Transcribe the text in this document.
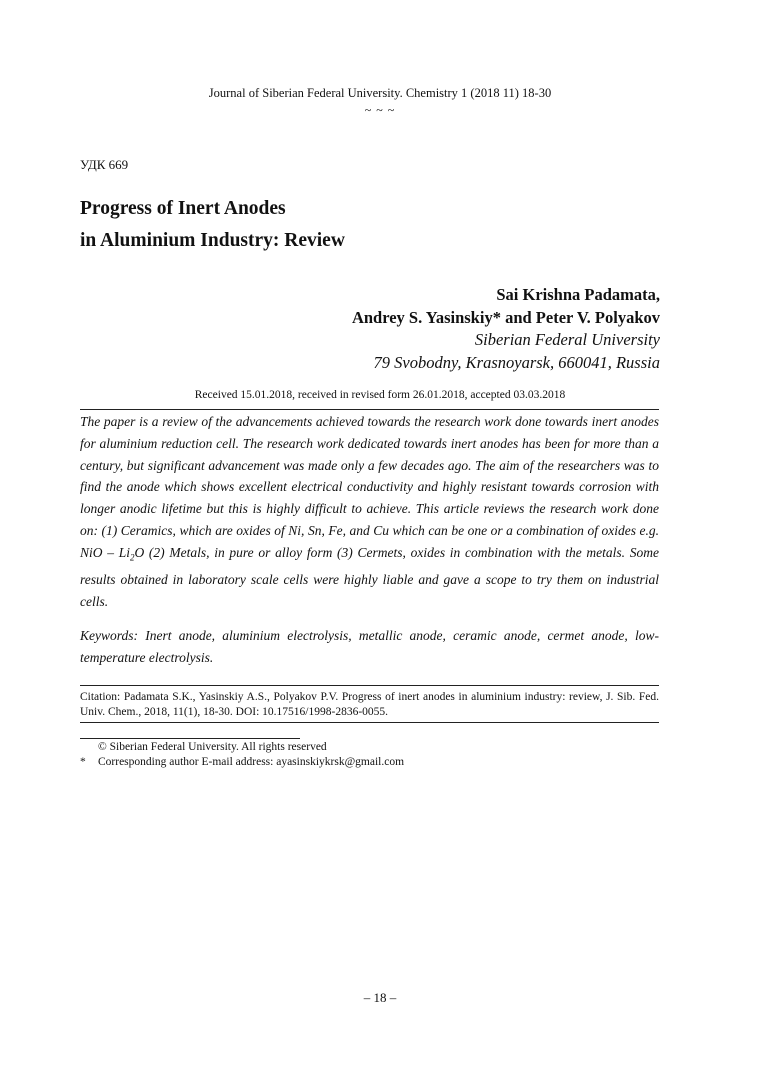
Journal of Siberian Federal University. Chemistry 1 (2018 11) 18-30
~ ~ ~
УДК 669
Progress of Inert Anodes
in Aluminium Industry: Review
Sai Krishna Padamata,
Andrey S. Yasinskiy* and Peter V. Polyakov
Siberian Federal University
79 Svobodny, Krasnoyarsk, 660041, Russia
Received 15.01.2018, received in revised form 26.01.2018, accepted 03.03.2018
The paper is a review of the advancements achieved towards the research work done towards inert anodes for aluminium reduction cell. The research work dedicated towards inert anodes has been for more than a century, but significant advancement was made only a few decades ago. The aim of the researchers was to find the anode which shows excellent electrical conductivity and highly resistant towards corrosion with longer anodic lifetime but this is highly difficult to achieve. This article reviews the research work done on: (1) Ceramics, which are oxides of Ni, Sn, Fe, and Cu which can be one or a combination of oxides e.g. NiO – $Li_2O$ (2) Metals, in pure or alloy form (3) Cermets, oxides in combination with the metals. Some results obtained in laboratory scale cells were highly liable and gave a scope to try them on industrial cells.
Keywords: Inert anode, aluminium electrolysis, metallic anode, ceramic anode, cermet anode, low-temperature electrolysis.
Citation: Padamata S.K., Yasinskiy A.S., Polyakov P.V. Progress of inert anodes in aluminium industry: review, J. Sib. Fed. Univ. Chem., 2018, 11(1), 18-30. DOI: 10.17516/1998-2836-0055.
© Siberian Federal University. All rights reserved
* Corresponding author E-mail address: ayasinskiykrsk@gmail.com
– 18 –
